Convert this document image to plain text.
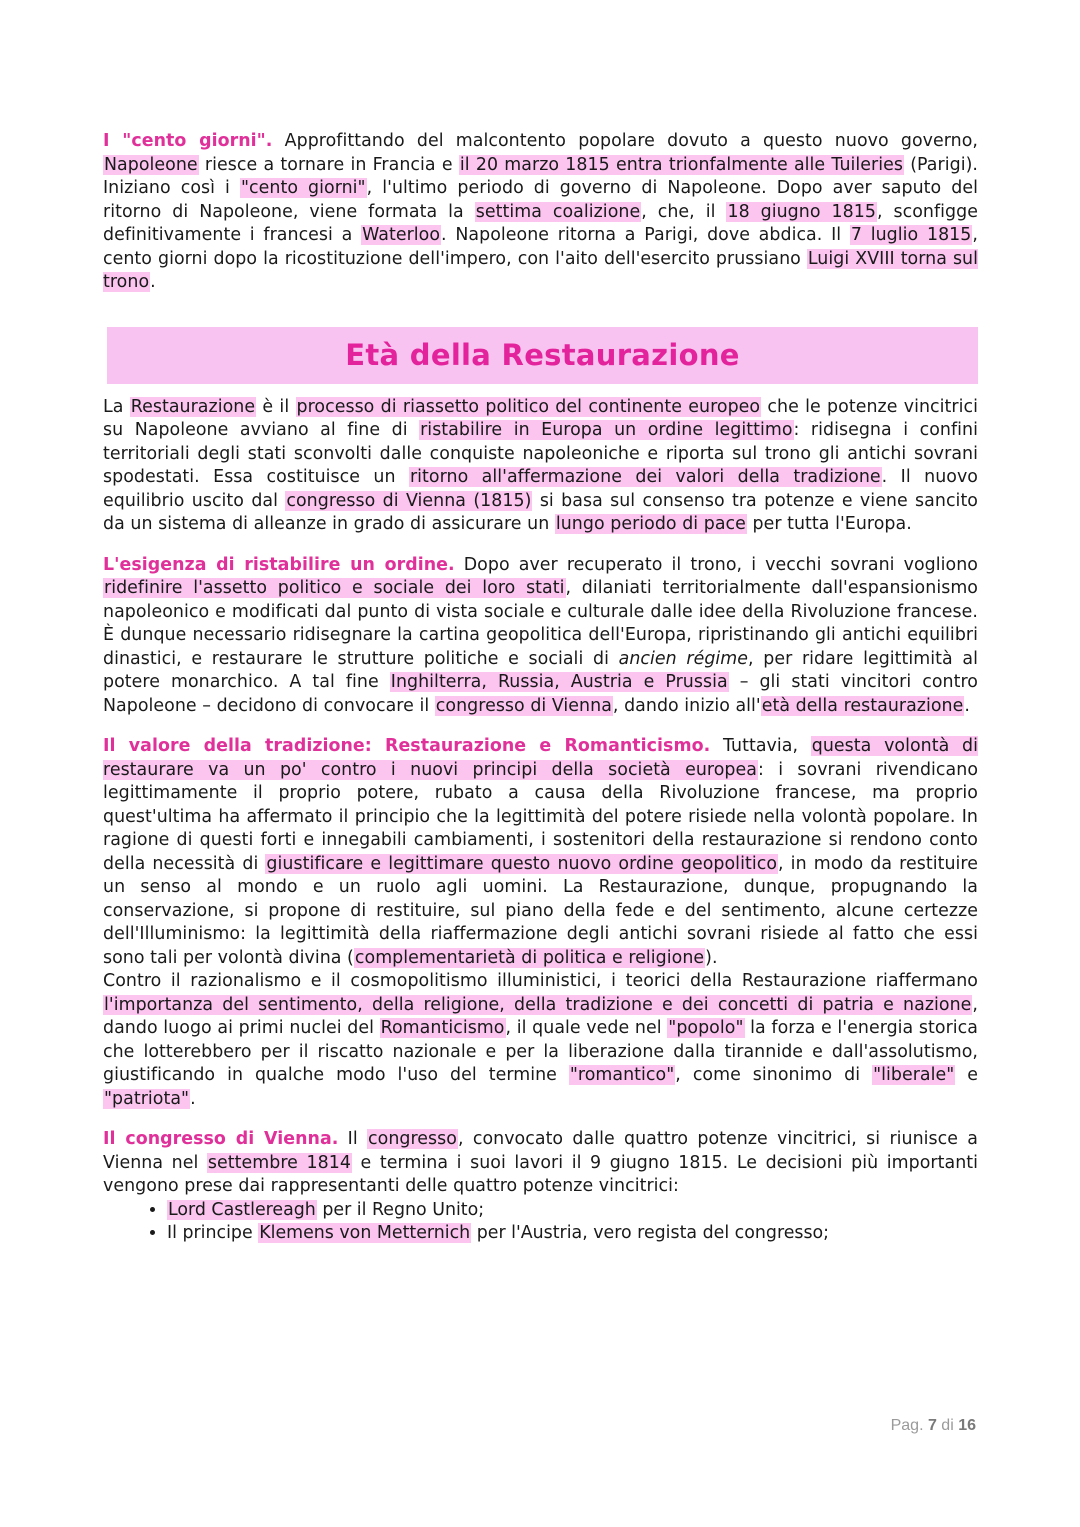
I "cento giorni". Approfittando del malcontento popolare dovuto a questo nuovo governo, Napoleone riesce a tornare in Francia e il 20 marzo 1815 entra trionfalmente alle Tuileries (Parigi). Iniziano così i "cento giorni", l'ultimo periodo di governo di Napoleone. Dopo aver saputo del ritorno di Napoleone, viene formata la settima coalizione, che, il 18 giugno 1815, sconfigge definitivamente i francesi a Waterloo. Napoleone ritorna a Parigi, dove abdica. Il 7 luglio 1815, cento giorni dopo la ricostituzione dell'impero, con l'aito dell'esercito prussiano Luigi XVIII torna sul trono.

Età della Restaurazione

La Restaurazione è il processo di riassetto politico del continente europeo che le potenze vincitrici su Napoleone avviano al fine di ristabilire in Europa un ordine legittimo: ridisegna i confini territoriali degli stati sconvolti dalle conquiste napoleoniche e riporta sul trono gli antichi sovrani spodestati. Essa costituisce un ritorno all'affermazione dei valori della tradizione. Il nuovo equilibrio uscito dal congresso di Vienna (1815) si basa sul consenso tra potenze e viene sancito da un sistema di alleanze in grado di assicurare un lungo periodo di pace per tutta l'Europa.

L'esigenza di ristabilire un ordine. Dopo aver recuperato il trono, i vecchi sovrani vogliono ridefinire l'assetto politico e sociale dei loro stati, dilaniati territorialmente dall'espansionismo napoleonico e modificati dal punto di vista sociale e culturale dalle idee della Rivoluzione francese. È dunque necessario ridisegnare la cartina geopolitica dell'Europa, ripristinando gli antichi equilibri dinastici, e restaurare le strutture politiche e sociali di ancien régime, per ridare legittimità al potere monarchico. A tal fine Inghilterra, Russia, Austria e Prussia – gli stati vincitori contro Napoleone – decidono di convocare il congresso di Vienna, dando inizio all'età della restaurazione.

Il valore della tradizione: Restaurazione e Romanticismo. Tuttavia, questa volontà di restaurare va un po' contro i nuovi principi della società europea: i sovrani rivendicano legittimamente il proprio potere, rubato a causa della Rivoluzione francese, ma proprio quest'ultima ha affermato il principio che la legittimità del potere risiede nella volontà popolare. In ragione di questi forti e innegabili cambiamenti, i sostenitori della restaurazione si rendono conto della necessità di giustificare e legittimare questo nuovo ordine geopolitico, in modo da restituire un senso al mondo e un ruolo agli uomini. La Restaurazione, dunque, propugnando la conservazione, si propone di restituire, sul piano della fede e del sentimento, alcune certezze dell'Illuminismo: la legittimità della riaffermazione degli antichi sovrani risiede al fatto che essi sono tali per volontà divina (complementarietà di politica e religione).

Contro il razionalismo e il cosmopolitismo illuministici, i teorici della Restaurazione riaffermano l'importanza del sentimento, della religione, della tradizione e dei concetti di patria e nazione, dando luogo ai primi nuclei del Romanticismo, il quale vede nel "popolo" la forza e l'energia storica che lotterebbero per il riscatto nazionale e per la liberazione dalla tirannide e dall'assolutismo, giustificando in qualche modo l'uso del termine "romantico", come sinonimo di "liberale" e "patriota".

Il congresso di Vienna. Il congresso, convocato dalle quattro potenze vincitrici, si riunisce a Vienna nel settembre 1814 e termina i suoi lavori il 9 giugno 1815. Le decisioni più importanti vengono prese dai rappresentanti delle quattro potenze vincitrici:

• Lord Castlereagh per il Regno Unito;
• Il principe Klemens von Metternich per l'Austria, vero regista del congresso;
Pag. 7 di 16
